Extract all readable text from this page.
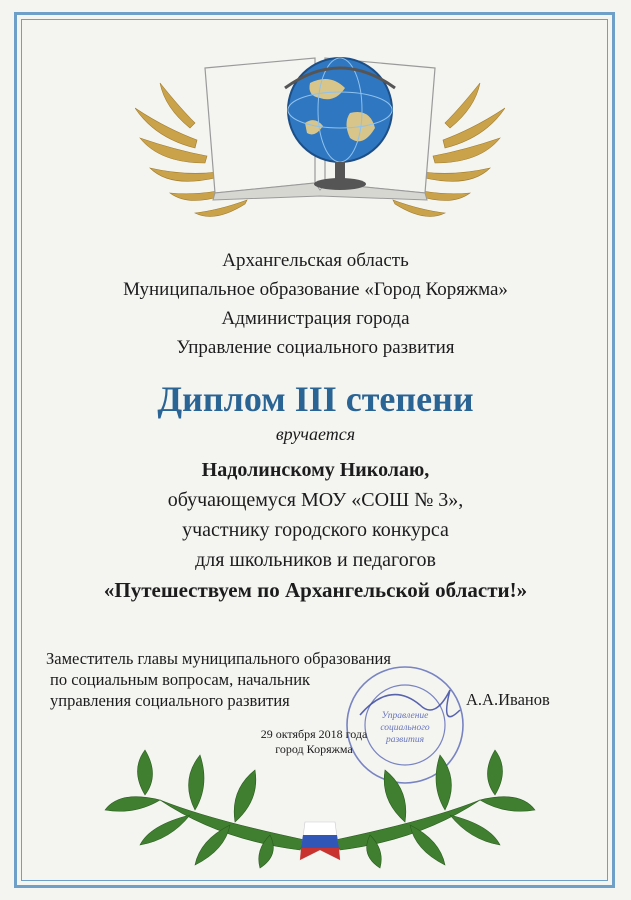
Архангельская область
Муниципальное образование «Город Коряжма»
Администрация города
Управление социального развития
Диплом III степени
вручается
Надолинскому Николаю,
обучающемуся МОУ «СОШ № 3»,
участнику городского конкурса
для школьников и педагогов
«Путешествуем по Архангельской области!»
Заместитель главы муниципального образования
по социальным вопросам, начальник
управления социального развития
Управление
социального
развития
А.А.Иванов
29 октября 2018 года
город Коряжма
